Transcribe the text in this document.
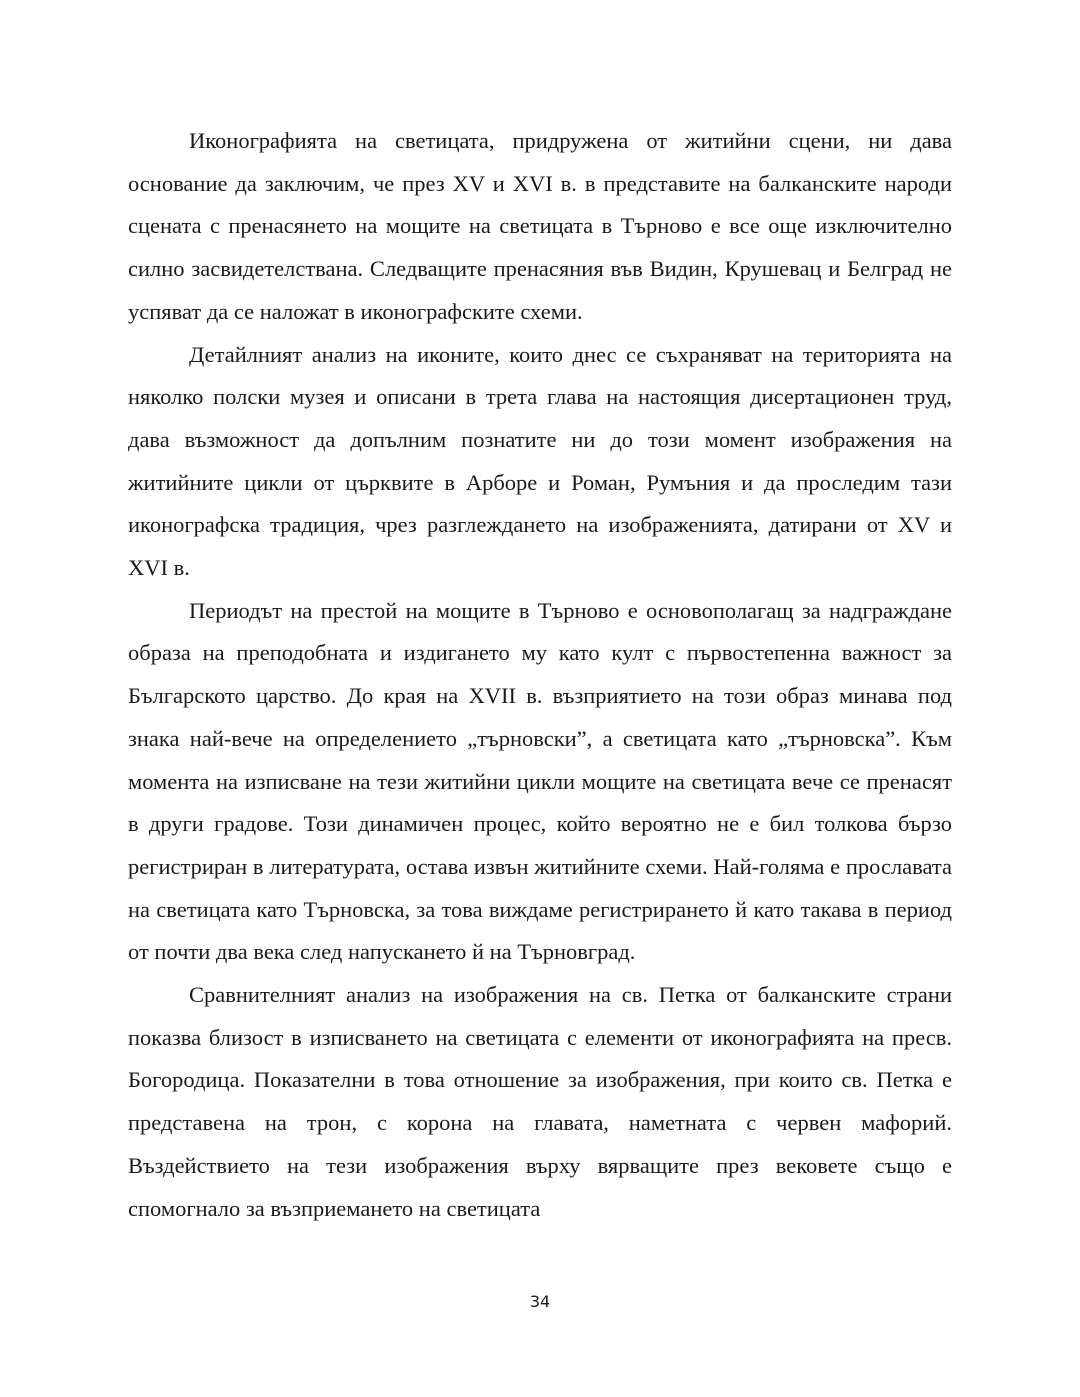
Иконографията на светицата, придружена от житийни сцени, ни дава основание да заключим, че през XV и XVI в. в представите на балканските народи сцената с пренасянето на мощите на светицата в Търново е все още изключително силно засвидетелствана. Следващите пренасяния във Видин, Крушевац и Белград не успяват да се наложат в иконографските схеми.

Детайлният анализ на иконите, които днес се съхраняват на територията на няколко полски музея и описани в трета глава на настоящия дисертационен труд, дава възможност да допълним познатите ни до този момент изображения на житийните цикли от църквите в Арборе и Роман, Румъния и да проследим тази иконографска традиция, чрез разглеждането на изображенията, датирани от XV и XVI в.

Периодът на престой на мощите в Търново е основополагащ за надграждане образа на преподобната и издигането му като култ с първостепенна важност за Българското царство. До края на XVII в. възприятието на този образ минава под знака най-вече на определението „търновски”, а светицата като „търновска”. Към момента на изписване на тези житийни цикли мощите на светицата вече се пренасят в други градове. Този динамичен процес, който вероятно не е бил толкова бързо регистриран в литературата, остава извън житийните схеми. Най-голяма е прославата на светицата като Търновска, за това виждаме регистрирането й като такава в период от почти два века след напускането й на Търновград.

Сравнителният анализ на изображения на св. Петка от балканските страни показва близост в изписването на светицата с елементи от иконографията на пресв. Богородица. Показателни в това отношение за изображения, при които св. Петка е представена на трон, с корона на главата, наметната с червен мафорий. Въздействието на тези изображения върху вярващите през вековете също е спомогнало за възприемането на светицата

34
